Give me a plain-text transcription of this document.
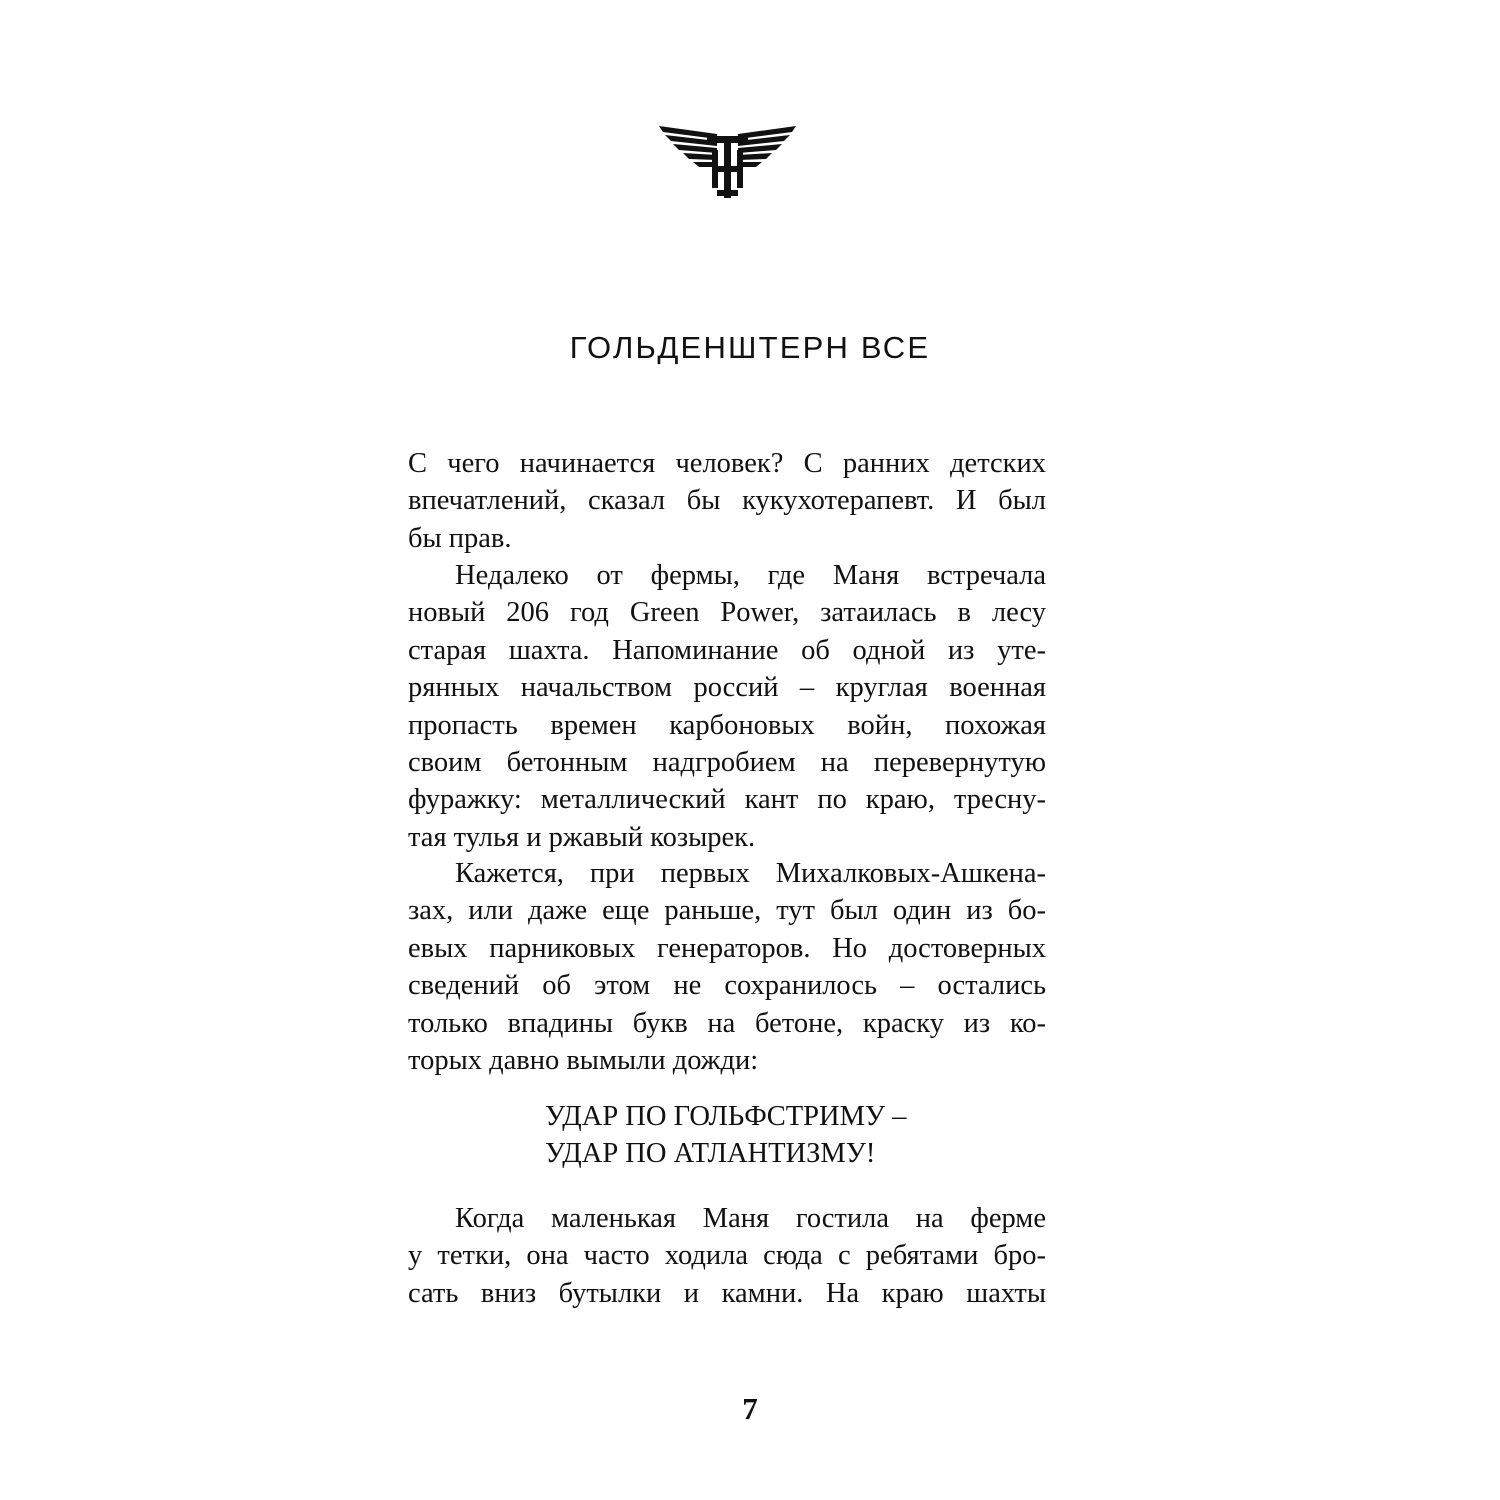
ГОЛЬДЕНШТЕРН ВСЕ

С чего начинается человек? С ранних детских
впечатлений, сказал бы кукухотерапевт. И был
бы прав.

Недалеко от фермы, где Маня встречала
новый 206 год Green Power, затаилась в лесу
старая шахта. Напоминание об одной из уте-
рянных начальством россий – круглая военная
пропасть времен карбоновых войн, похожая
своим бетонным надгробием на перевернутую
фуражку: металлический кант по краю, тресну-
тая тулья и ржавый козырек.

Кажется, при первых Михалковых-Ашкена-
зах, или даже еще раньше, тут был один из бо-
евых парниковых генераторов. Но достоверных
сведений об этом не сохранилось – остались
только впадины букв на бетоне, краску из ко-
торых давно вымыли дожди:

УДАР ПО ГОЛЬФСТРИМУ –
УДАР ПО АТЛАНТИЗМУ!

Когда маленькая Маня гостила на ферме
у тетки, она часто ходила сюда с ребятами бро-
сать вниз бутылки и камни. На краю шахты

7
